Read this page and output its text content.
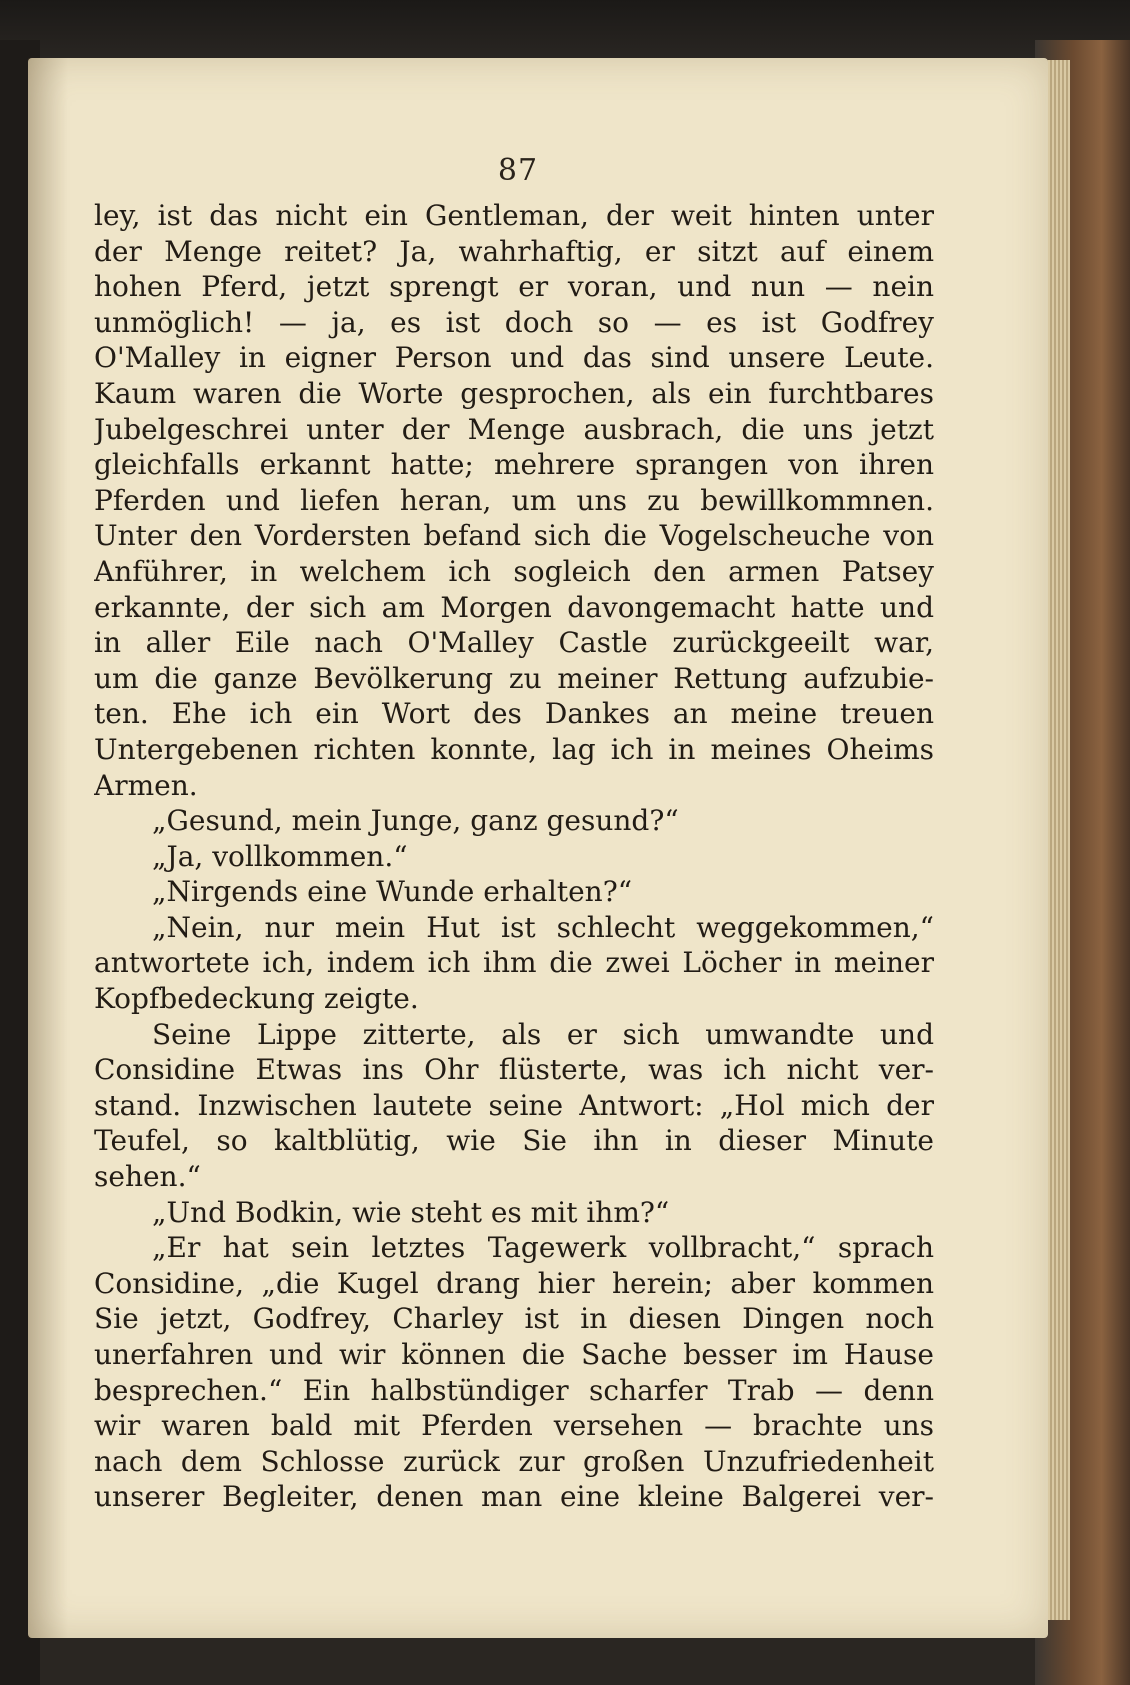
87
ley, ist das nicht ein Gentleman, der weit hinten unter
der Menge reitet? Ja, wahrhaftig, er sitzt auf einem
hohen Pferd, jetzt sprengt er voran, und nun — nein
unmöglich! — ja, es ist doch so — es ist Godfrey
O'Malley in eigner Person und das sind unsere Leute.
Kaum waren die Worte gesprochen, als ein furchtbares
Jubelgeschrei unter der Menge ausbrach, die uns jetzt
gleichfalls erkannt hatte; mehrere sprangen von ihren
Pferden und liefen heran, um uns zu bewillkommnen.
Unter den Vordersten befand sich die Vogelscheuche von
Anführer, in welchem ich sogleich den armen Patsey
erkannte, der sich am Morgen davongemacht hatte und
in aller Eile nach O'Malley Castle zurückgeeilt war,
um die ganze Bevölkerung zu meiner Rettung aufzubie-
ten. Ehe ich ein Wort des Dankes an meine treuen
Untergebenen richten konnte, lag ich in meines Oheims
Armen.
„Gesund, mein Junge, ganz gesund?“
„Ja, vollkommen.“
„Nirgends eine Wunde erhalten?“
„Nein, nur mein Hut ist schlecht weggekommen,“
antwortete ich, indem ich ihm die zwei Löcher in meiner
Kopfbedeckung zeigte.
Seine Lippe zitterte, als er sich umwandte und
Considine Etwas ins Ohr flüsterte, was ich nicht ver-
stand. Inzwischen lautete seine Antwort: „Hol mich der
Teufel, so kaltblütig, wie Sie ihn in dieser Minute
sehen.“
„Und Bodkin, wie steht es mit ihm?“
„Er hat sein letztes Tagewerk vollbracht,“ sprach
Considine, „die Kugel drang hier herein; aber kommen
Sie jetzt, Godfrey, Charley ist in diesen Dingen noch
unerfahren und wir können die Sache besser im Hause
besprechen.“ Ein halbstündiger scharfer Trab — denn
wir waren bald mit Pferden versehen — brachte uns
nach dem Schlosse zurück zur großen Unzufriedenheit
unserer Begleiter, denen man eine kleine Balgerei ver-
